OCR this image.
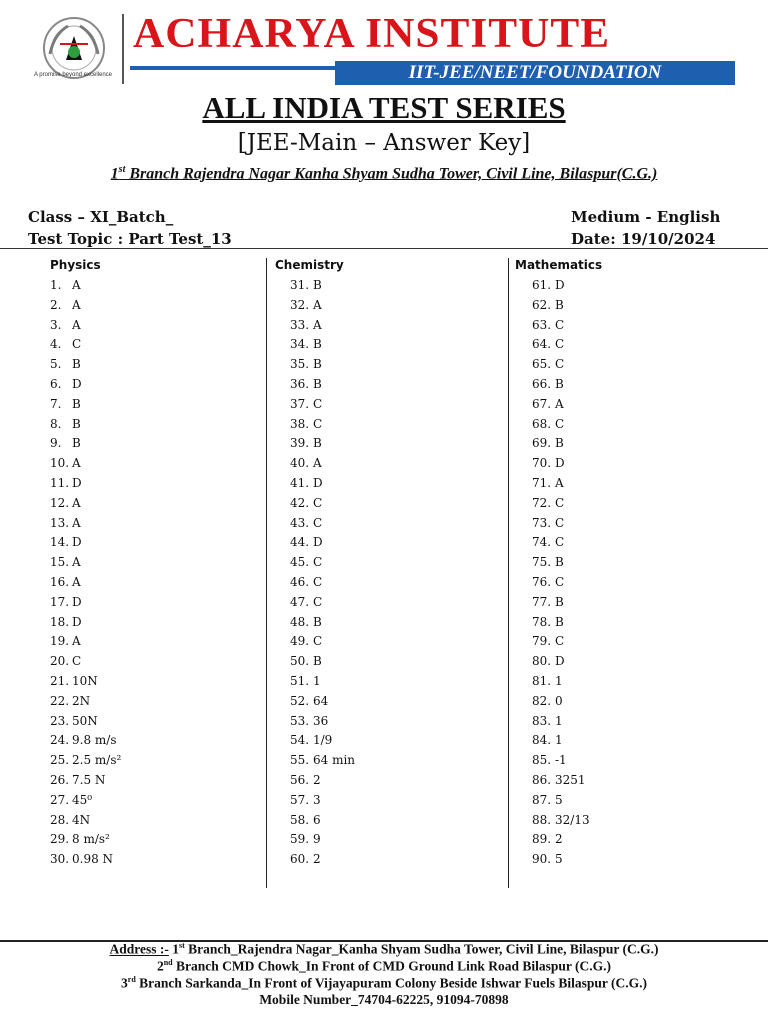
A promise beyond excellence
ACHARYA INSTITUTE
IIT-JEE/NEET/FOUNDATION
ALL INDIA TEST SERIES
[JEE-Main – Answer Key]
1st Branch Rajendra Nagar Kanha Shyam Sudha Tower, Civil Line, Bilaspur(C.G.)
Class – XI_Batch_
Test Topic : Part Test_13
Medium - English
Date: 19/10/2024
Physics
1. A
2. A
3. A
4. C
5. B
6. D
7. B
8. B
9. B
10. A
11. D
12. A
13. A
14. D
15. A
16. A
17. D
18. D
19. A
20. C
21. 10N
22. 2N
23. 50N
24. 9.8 m/s
25. 2.5 m/s²
26. 7.5 N
27. 45⁰
28. 4N
29. 8 m/s²
30. 0.98 N
Chemistry
31. B
32. A
33. A
34. B
35. B
36. B
37. C
38. C
39. B
40. A
41. D
42. C
43. C
44. D
45. C
46. C
47. C
48. B
49. C
50. B
51. 1
52. 64
53. 36
54. 1/9
55. 64 min
56. 2
57. 3
58. 6
59. 9
60. 2
Mathematics
61. D
62. B
63. C
64. C
65. C
66. B
67. A
68. C
69. B
70. D
71. A
72. C
73. C
74. C
75. B
76. C
77. B
78. B
79. C
80. D
81. 1
82. 0
83. 1
84. 1
85. -1
86. 3251
87. 5
88. 32/13
89. 2
90. 5
Address :- 1st Branch_Rajendra Nagar_Kanha Shyam Sudha Tower, Civil Line, Bilaspur (C.G.)
2nd Branch CMD Chowk_In Front of CMD Ground Link Road Bilaspur (C.G.)
3rd Branch Sarkanda_In Front of Vijayapuram Colony Beside Ishwar Fuels Bilaspur (C.G.)
Mobile Number_74704-62225, 91094-70898
